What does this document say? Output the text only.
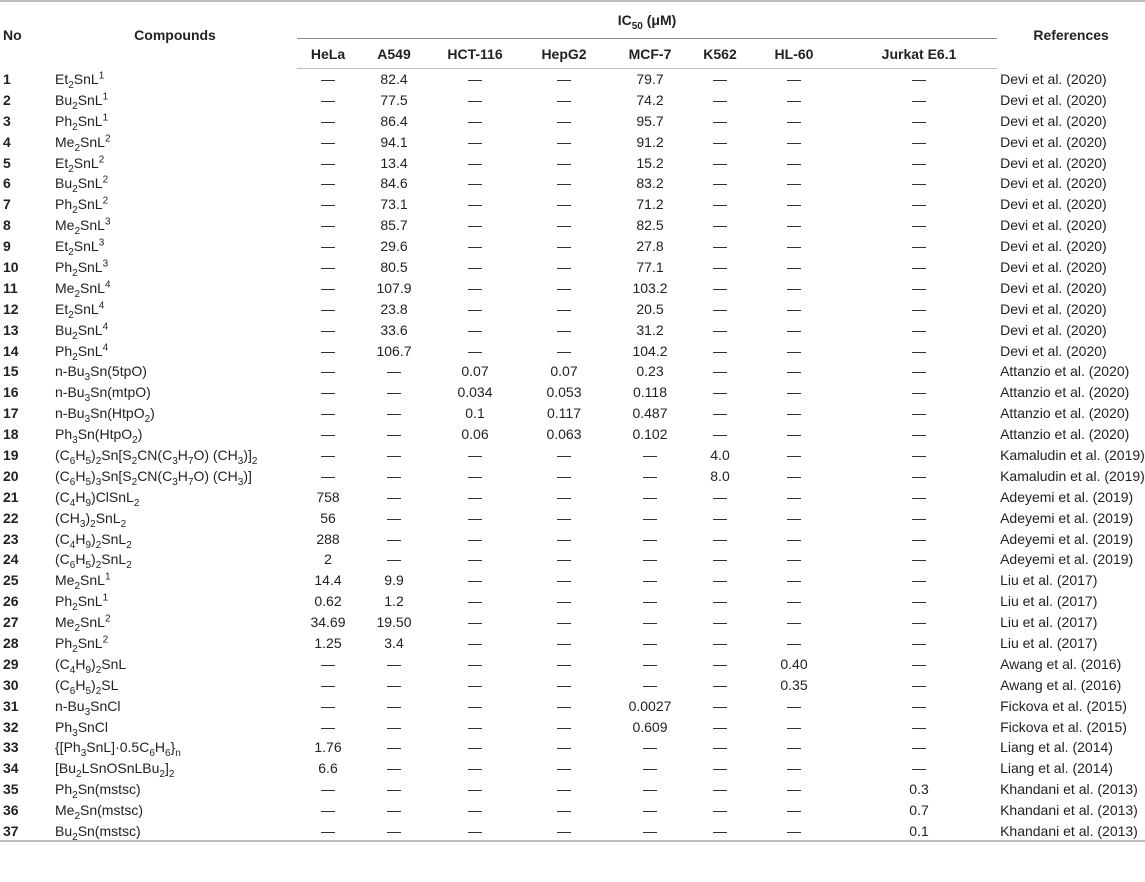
No	Compounds	$IC_{50}$ (μM)								References
		HeLa	A549	HCT-116	HepG2	MCF-7	K562	HL-60	Jurkat E6.1	
1	$Et_2SnL^1$	—	82.4	—	—	79.7	—	—	—	Devi et al. (2020)
2	$Bu_2SnL^1$	—	77.5	—	—	74.2	—	—	—	Devi et al. (2020)
3	$Ph_2SnL^1$	—	86.4	—	—	95.7	—	—	—	Devi et al. (2020)
4	$Me_2SnL^2$	—	94.1	—	—	91.2	—	—	—	Devi et al. (2020)
5	$Et_2SnL^2$	—	13.4	—	—	15.2	—	—	—	Devi et al. (2020)
6	$Bu_2SnL^2$	—	84.6	—	—	83.2	—	—	—	Devi et al. (2020)
7	$Ph_2SnL^2$	—	73.1	—	—	71.2	—	—	—	Devi et al. (2020)
8	$Me_2SnL^3$	—	85.7	—	—	82.5	—	—	—	Devi et al. (2020)
9	$Et_2SnL^3$	—	29.6	—	—	27.8	—	—	—	Devi et al. (2020)
10	$Ph_2SnL^3$	—	80.5	—	—	77.1	—	—	—	Devi et al. (2020)
11	$Me_2SnL^4$	—	107.9	—	—	103.2	—	—	—	Devi et al. (2020)
12	$Et_2SnL^4$	—	23.8	—	—	20.5	—	—	—	Devi et al. (2020)
13	$Bu_2SnL^4$	—	33.6	—	—	31.2	—	—	—	Devi et al. (2020)
14	$Ph_2SnL^4$	—	106.7	—	—	104.2	—	—	—	Devi et al. (2020)
15	$n-Bu_3Sn(5tpO)$	—	—	0.07	0.07	0.23	—	—	—	Attanzio et al. (2020)
16	$n-Bu_3Sn(mtpO)$	—	—	0.034	0.053	0.118	—	—	—	Attanzio et al. (2020)
17	$n-Bu_3Sn(HtpO_2)$	—	—	0.1	0.117	0.487	—	—	—	Attanzio et al. (2020)
18	$Ph_3Sn(HtpO_2)$	—	—	0.06	0.063	0.102	—	—	—	Attanzio et al. (2020)
19	$(C_6H_5)_2Sn[S_2CN(C_3H_7O)$ $(CH_3)]_2$	—	—	—	—	—	4.0	—	—	Kamaludin et al. (2019)
20	$(C_6H_5)_3Sn[S_2CN(C_3H_7O)$ $(CH_3)$]	—	—	—	—	—	8.0	—	—	Kamaludin et al. (2019)
21	$(C_4H_9)ClSnL_2$	758	—	—	—	—	—	—	—	Adeyemi et al. (2019)
22	$(CH_3)_2SnL_2$	56	—	—	—	—	—	—	—	Adeyemi et al. (2019)
23	$(C_4H_9)_2SnL_2$	288	—	—	—	—	—	—	—	Adeyemi et al. (2019)
24	$(C_6H_5)_2SnL_2$	2	—	—	—	—	—	—	—	Adeyemi et al. (2019)
25	$Me_2SnL^1$	14.4	9.9	—	—	—	—	—	—	Liu et al. (2017)
26	$Ph_2SnL^1$	0.62	1.2	—	—	—	—	—	—	Liu et al. (2017)
27	$Me_2SnL^2$	34.69	19.50	—	—	—	—	—	—	Liu et al. (2017)
28	$Ph_2SnL^2$	1.25	3.4	—	—	—	—	—	—	Liu et al. (2017)
29	$(C_4H_9)_2SnL$	—	—	—	—	—	—	0.40	—	Awang et al. (2016)
30	$(C_6H_5)_2SL$	—	—	—	—	—	—	0.35	—	Awang et al. (2016)
31	$n-Bu_3SnCl$	—	—	—	—	0.0027	—	—	—	Fickova et al. (2015)
32	$Ph_3SnCl$	—	—	—	—	0.609	—	—	—	Fickova et al. (2015)
33	$\{[Ph_3SnL]\cdot 0.5C_6H_6\}_n$	1.76	—	—	—	—	—	—	—	Liang et al. (2014)
34	$[Bu_2LSnOSnLBu_2]_2$	6.6	—	—	—	—	—	—	—	Liang et al. (2014)
35	$Ph_2Sn(mstsc)$	—	—	—	—	—	—	—	0.3	Khandani et al. (2013)
36	$Me_2Sn(mstsc)$	—	—	—	—	—	—	—	0.7	Khandani et al. (2013)
37	$Bu_2Sn(mstsc)$	—	—	—	—	—	—	—	0.1	Khandani et al. (2013)
